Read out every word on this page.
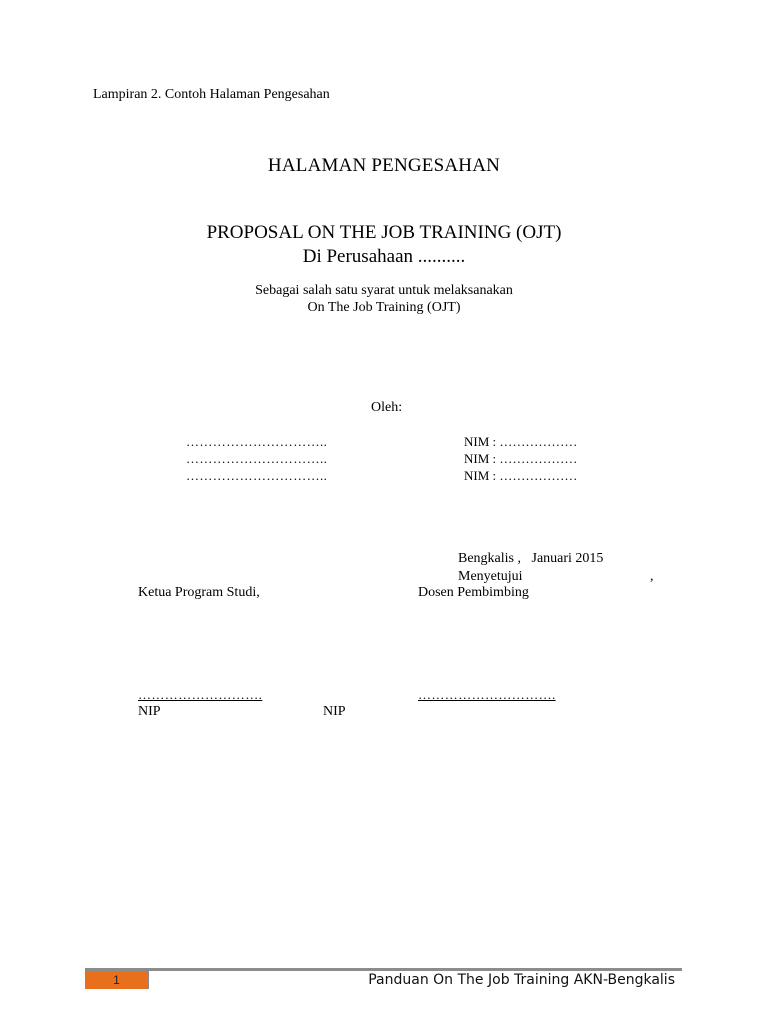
Lampiran 2. Contoh Halaman Pengesahan
HALAMAN PENGESAHAN
PROPOSAL ON THE JOB TRAINING (OJT)
Di Perusahaan ..........
Sebagai salah satu syarat untuk melaksanakan
On The Job Training (OJT)
Oleh:
…………………………..	NIM : ………………
…………………………..	NIM : ………………
…………………………..	NIM : ………………
Bengkalis ,   Januari 2015
Menyetujui	,
Ketua Program Studi,	Dosen Pembimbing
……………………….	………………………….
NIP	NIP
1	Panduan On The Job Training AKN-Bengkalis
